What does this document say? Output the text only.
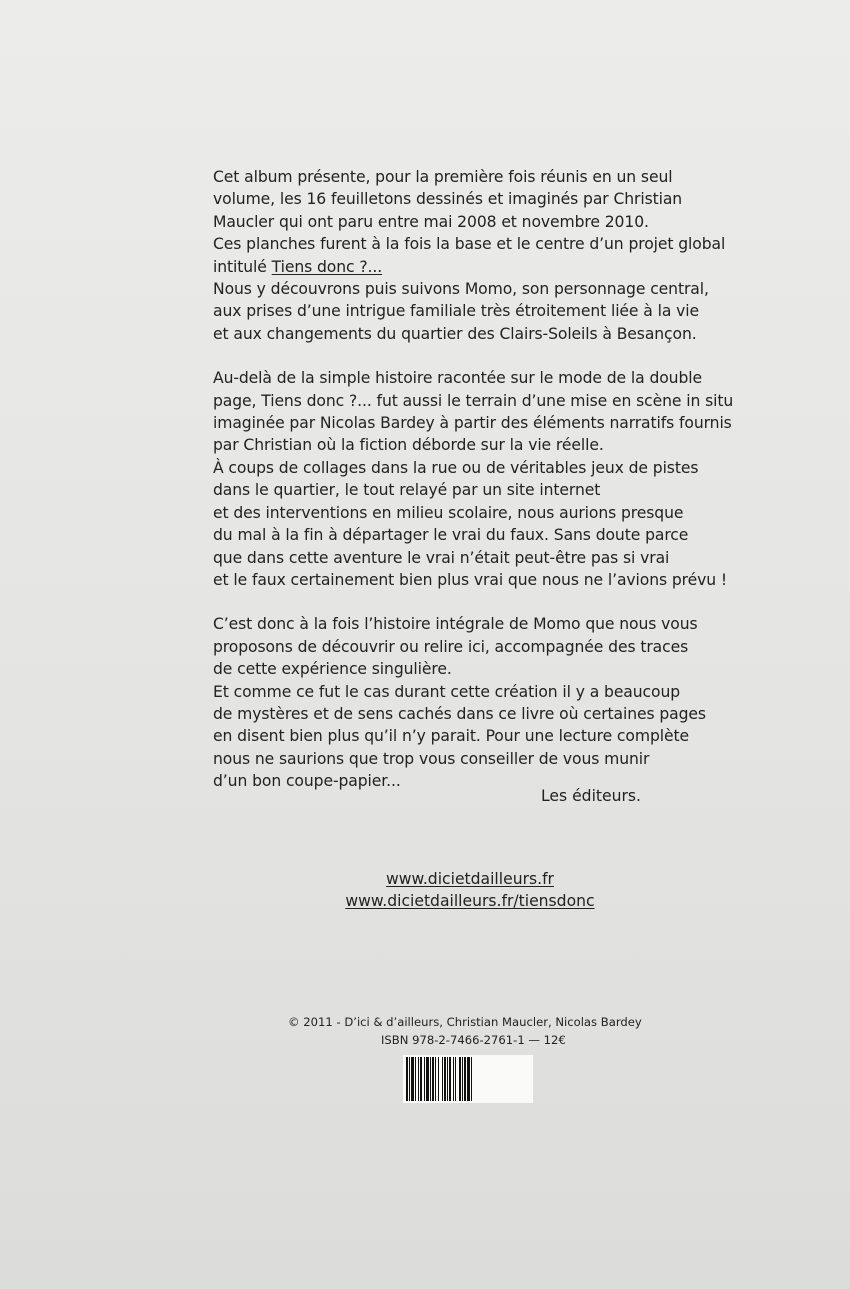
Cet album présente, pour la première fois réunis en un seul
volume, les 16 feuilletons dessinés et imaginés par Christian
Maucler qui ont paru entre mai 2008 et novembre 2010.
Ces planches furent à la fois la base et le centre d’un projet global
intitulé Tiens donc ?...
Nous y découvrons puis suivons Momo, son personnage central,
aux prises d’une intrigue familiale très étroitement liée à la vie
et aux changements du quartier des Clairs-Soleils à Besançon.

Au-delà de la simple histoire racontée sur le mode de la double
page, Tiens donc ?... fut aussi le terrain d’une mise en scène in situ
imaginée par Nicolas Bardey à partir des éléments narratifs fournis
par Christian où la fiction déborde sur la vie réelle.
À coups de collages dans la rue ou de véritables jeux de pistes
dans le quartier, le tout relayé par un site internet
et des interventions en milieu scolaire, nous aurions presque
du mal à la fin à départager le vrai du faux. Sans doute parce
que dans cette aventure le vrai n’était peut-être pas si vrai
et le faux certainement bien plus vrai que nous ne l’avions prévu !

C’est donc à la fois l’histoire intégrale de Momo que nous vous
proposons de découvrir ou relire ici, accompagnée des traces
de cette expérience singulière.
Et comme ce fut le cas durant cette création il y a beaucoup
de mystères et de sens cachés dans ce livre où certaines pages
en disent bien plus qu’il n’y parait. Pour une lecture complète
nous ne saurions que trop vous conseiller de vous munir
d’un bon coupe-papier...

Les éditeurs.
www.dicietdailleurs.fr
www.dicietdailleurs.fr/tiensdonc
© 2011 - D’ici & d’ailleurs, Christian Maucler, Nicolas Bardey
ISBN 978-2-7466-2761-1 — 12€
